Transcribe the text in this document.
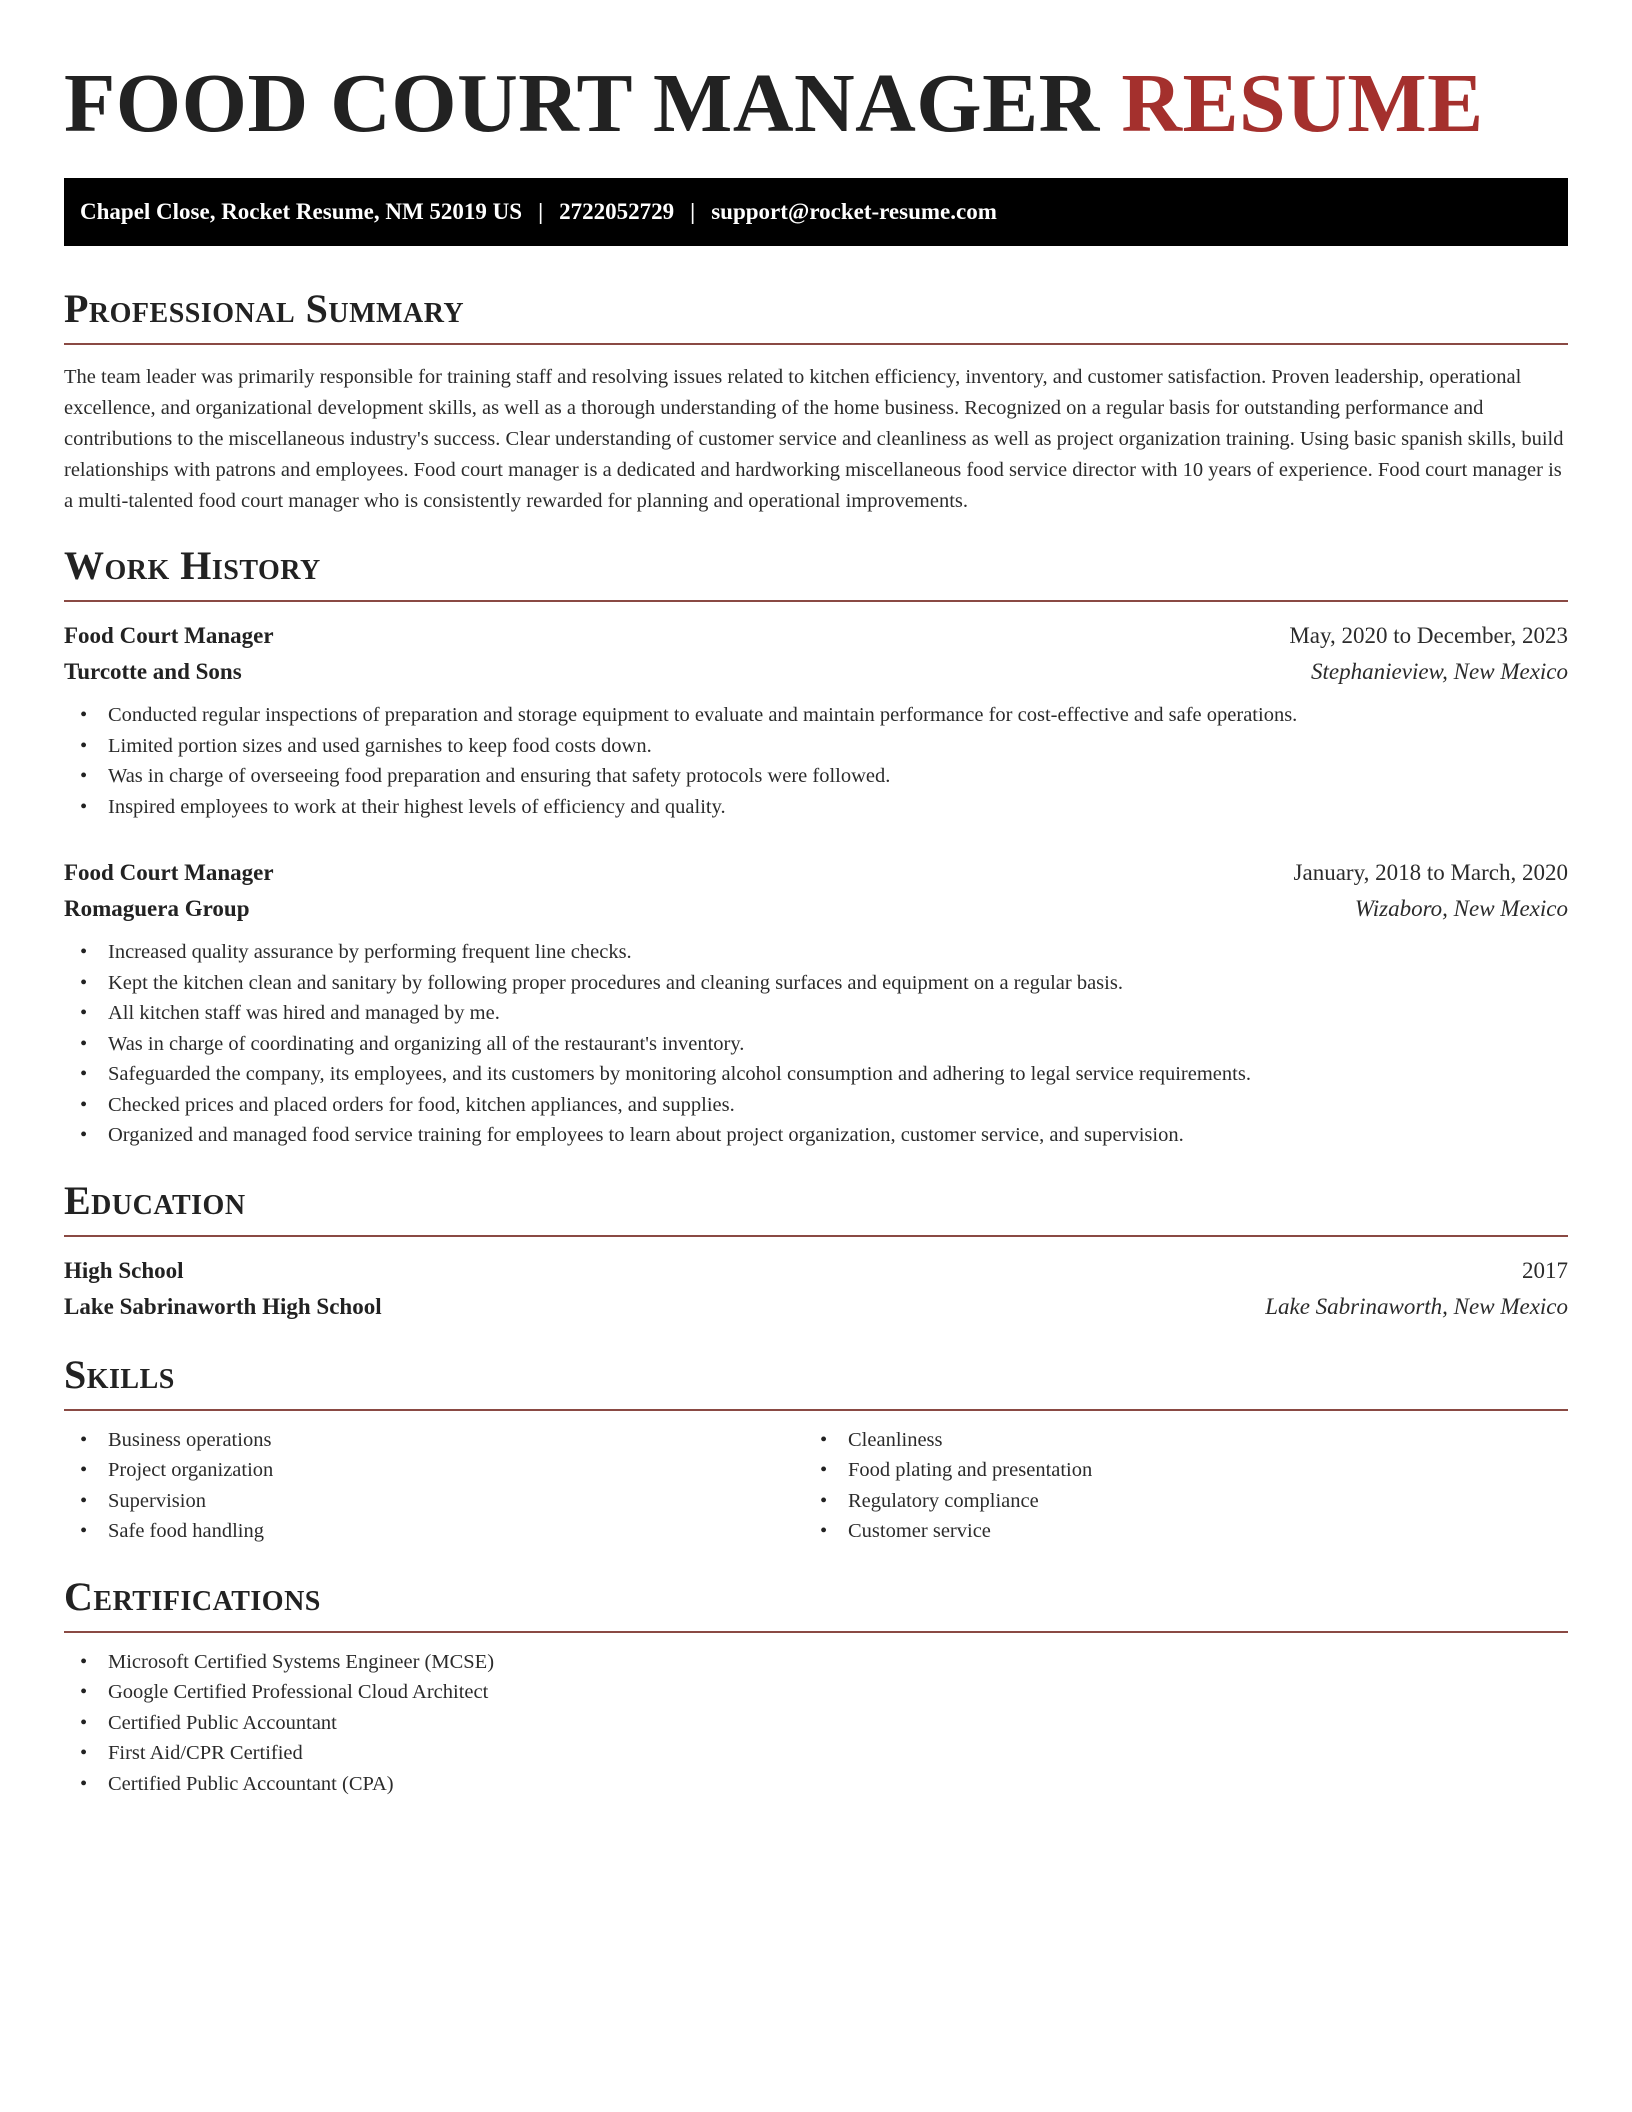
FOOD COURT MANAGER RESUME
Chapel Close, Rocket Resume, NM 52019 US | 2722052729 | support@rocket-resume.com
Professional Summary

The team leader was primarily responsible for training staff and resolving issues related to kitchen efficiency, inventory, and customer satisfaction. Proven leadership, operational excellence, and organizational development skills, as well as a thorough understanding of the home business. Recognized on a regular basis for outstanding performance and contributions to the miscellaneous industry's success. Clear understanding of customer service and cleanliness as well as project organization training. Using basic spanish skills, build relationships with patrons and employees. Food court manager is a dedicated and hardworking miscellaneous food service director with 10 years of experience. Food court manager is a multi-talented food court manager who is consistently rewarded for planning and operational improvements.

Work History
Food Court Manager	May, 2020 to December, 2023
Turcotte and Sons	Stephanieview, New Mexico
• Conducted regular inspections of preparation and storage equipment to evaluate and maintain performance for cost-effective and safe operations.
• Limited portion sizes and used garnishes to keep food costs down.
• Was in charge of overseeing food preparation and ensuring that safety protocols were followed.
• Inspired employees to work at their highest levels of efficiency and quality.
Food Court Manager	January, 2018 to March, 2020
Romaguera Group	Wizaboro, New Mexico
• Increased quality assurance by performing frequent line checks.
• Kept the kitchen clean and sanitary by following proper procedures and cleaning surfaces and equipment on a regular basis.
• All kitchen staff was hired and managed by me.
• Was in charge of coordinating and organizing all of the restaurant's inventory.
• Safeguarded the company, its employees, and its customers by monitoring alcohol consumption and adhering to legal service requirements.
• Checked prices and placed orders for food, kitchen appliances, and supplies.
• Organized and managed food service training for employees to learn about project organization, customer service, and supervision.
Education
High School	2017
Lake Sabrinaworth High School	Lake Sabrinaworth, New Mexico
Skills
• Business operations
• Project organization
• Supervision
• Safe food handling
• Cleanliness
• Food plating and presentation
• Regulatory compliance
• Customer service
Certifications
• Microsoft Certified Systems Engineer (MCSE)
• Google Certified Professional Cloud Architect
• Certified Public Accountant
• First Aid/CPR Certified
• Certified Public Accountant (CPA)
